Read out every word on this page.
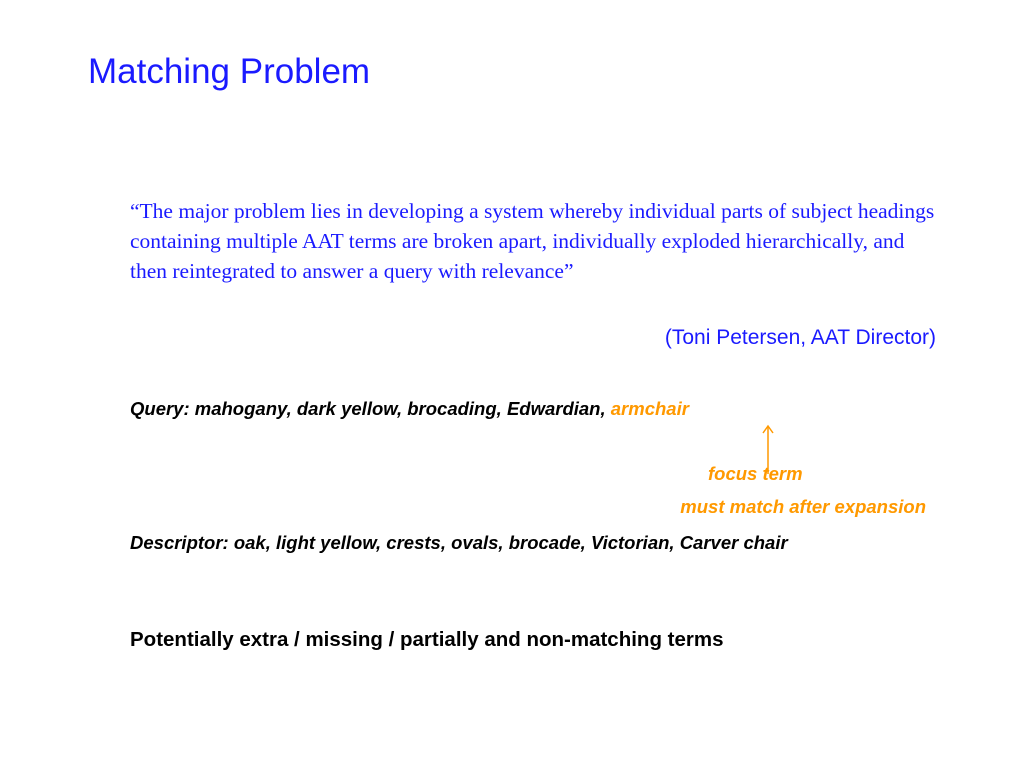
Matching Problem
“The major problem lies in developing a system whereby individual parts of subject headings containing multiple AAT terms are broken apart, individually exploded hierarchically, and then reintegrated to answer a query with relevance”
(Toni Petersen, AAT Director)
Query: mahogany, dark yellow, brocading, Edwardian, armchair
focus term
must match after expansion
Descriptor: oak, light yellow, crests, ovals, brocade, Victorian, Carver chair
Potentially extra / missing / partially and non-matching terms
